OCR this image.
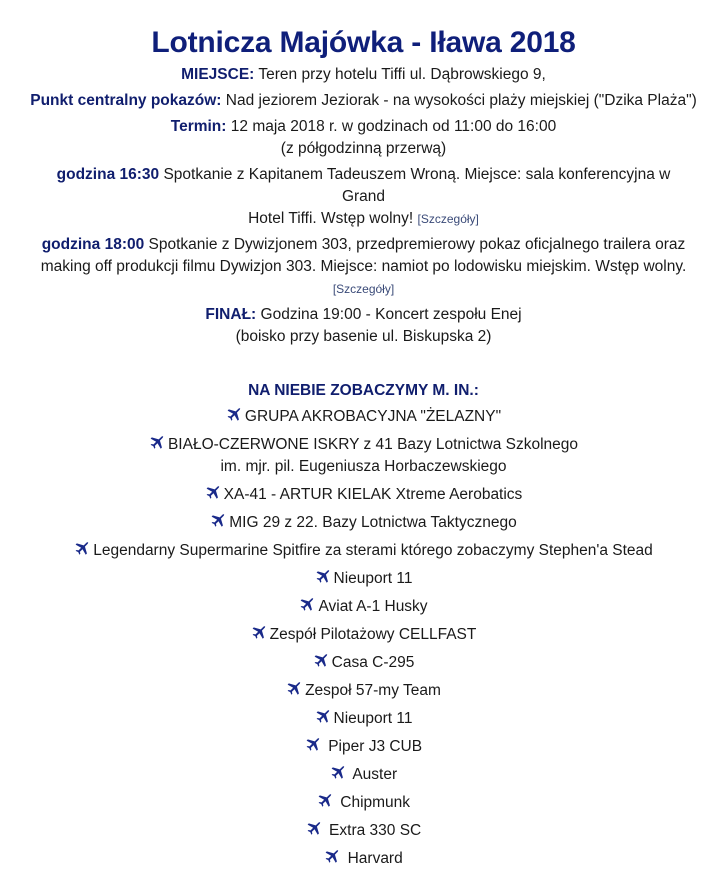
Lotnicza Majówka - Iława 2018

MIEJSCE: Teren przy hotelu Tiffi ul. Dąbrowskiego 9,

Punkt centralny pokazów: Nad jeziorem Jeziorak - na wysokości plaży miejskiej ("Dzika Plaża")

Termin: 12 maja 2018 r. w godzinach od 11:00 do 16:00

(z półgodzinną przerwą)

godzina 16:30 Spotkanie z Kapitanem Tadeuszem Wroną. Miejsce: sala konferencyjna w Grand

Hotel Tiffi. Wstęp wolny! [Szczegóły]

godzina 18:00 Spotkanie z Dywizjonem 303, przedpremierowy pokaz oficjalnego trailera oraz

making off produkcji filmu Dywizjon 303. Miejsce: namiot po lodowisku miejskim. Wstęp wolny.

[Szczegóły]

FINAŁ: Godzina 19:00 - Koncert zespołu Enej

(boisko przy basenie ul. Biskupska 2)

NA NIEBIE ZOBACZYMY M. IN.:
GRUPA AKROBACYJNA "ŻELAZNY"
BIAŁO-CZERWONE ISKRY z 41 Bazy Lotnictwa Szkolnego
im. mjr. pil. Eugeniusza Horbaczewskiego
XA-41 - ARTUR KIELAK Xtreme Aerobatics
MIG 29 z 22. Bazy Lotnictwa Taktycznego
Legendarny Supermarine Spitfire za sterami którego zobaczymy Stephen'a Stead
Nieuport 11
Aviat A-1 Husky
Zespół Pilotażowy CELLFAST
Casa C-295
Zespoł 57-my Team
Nieuport 11
Piper J3 CUB
Auster
Chipmunk
Extra 330 SC
Harvard
